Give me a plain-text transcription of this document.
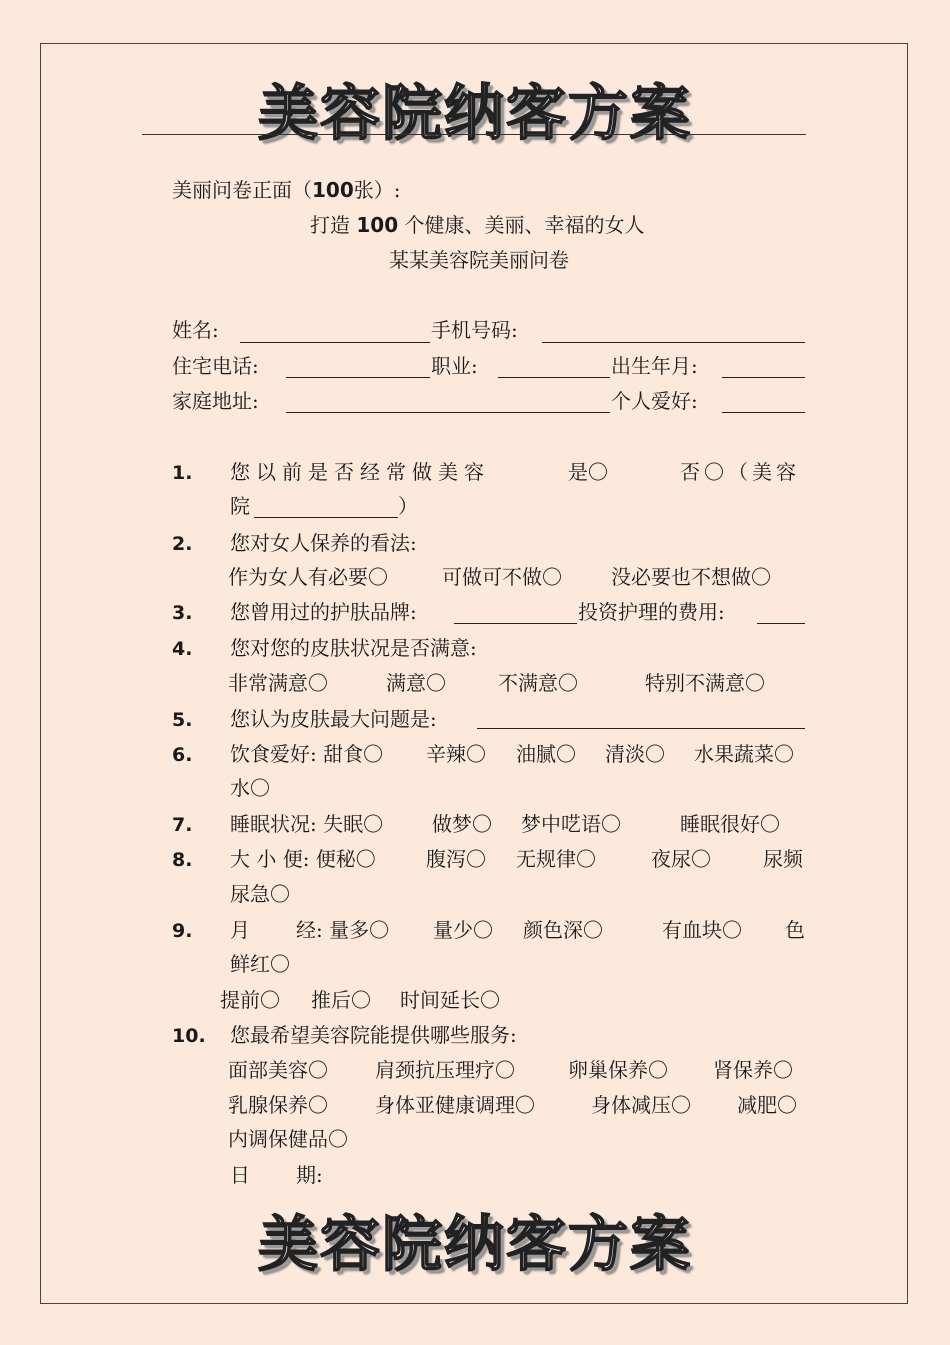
美容院纳客方案
美丽问卷正面（100张）:
打造 100 个健康、美丽、幸福的女人
某某美容院美丽问卷
姓名:	手机号码:
住宅电话:	职业:	出生年月:
家庭地址:	个人爱好:
1. 您以前是否经常做美容	是〇	否〇（美容
院	）
2. 您对女人保养的看法:
作为女人有必要〇	可做可不做〇 没必要也不想做〇
3. 您曾用过的护肤品牌:	投资护理的费用:
4. 您对您的皮肤状况是否满意:
非常满意〇	满意〇	不满意〇	特别不满意〇
5. 您认为皮肤最大问题是:
6. 饮食爱好: 甜食〇 辛辣〇 油腻〇 清淡〇 水果蔬菜〇
水〇
7. 睡眠状况: 失眠〇 做梦〇 梦中呓语〇	睡眠很好〇
8. 大 小 便: 便秘〇	腹泻〇 无规律〇	夜尿〇	尿频
尿急〇
9. 月 经: 量多〇 量少〇 颜色深〇	有血块〇 色
鲜红〇
提前〇 推后〇 时间延长〇
10. 您最希望美容院能提供哪些服务:
面部美容〇 肩颈抗压理疗〇	卵巢保养〇 肾保养〇
乳腺保养〇 身体亚健康调理〇	身体减压〇 减肥〇
内调保健品〇
日 期:
美容院纳客方案
